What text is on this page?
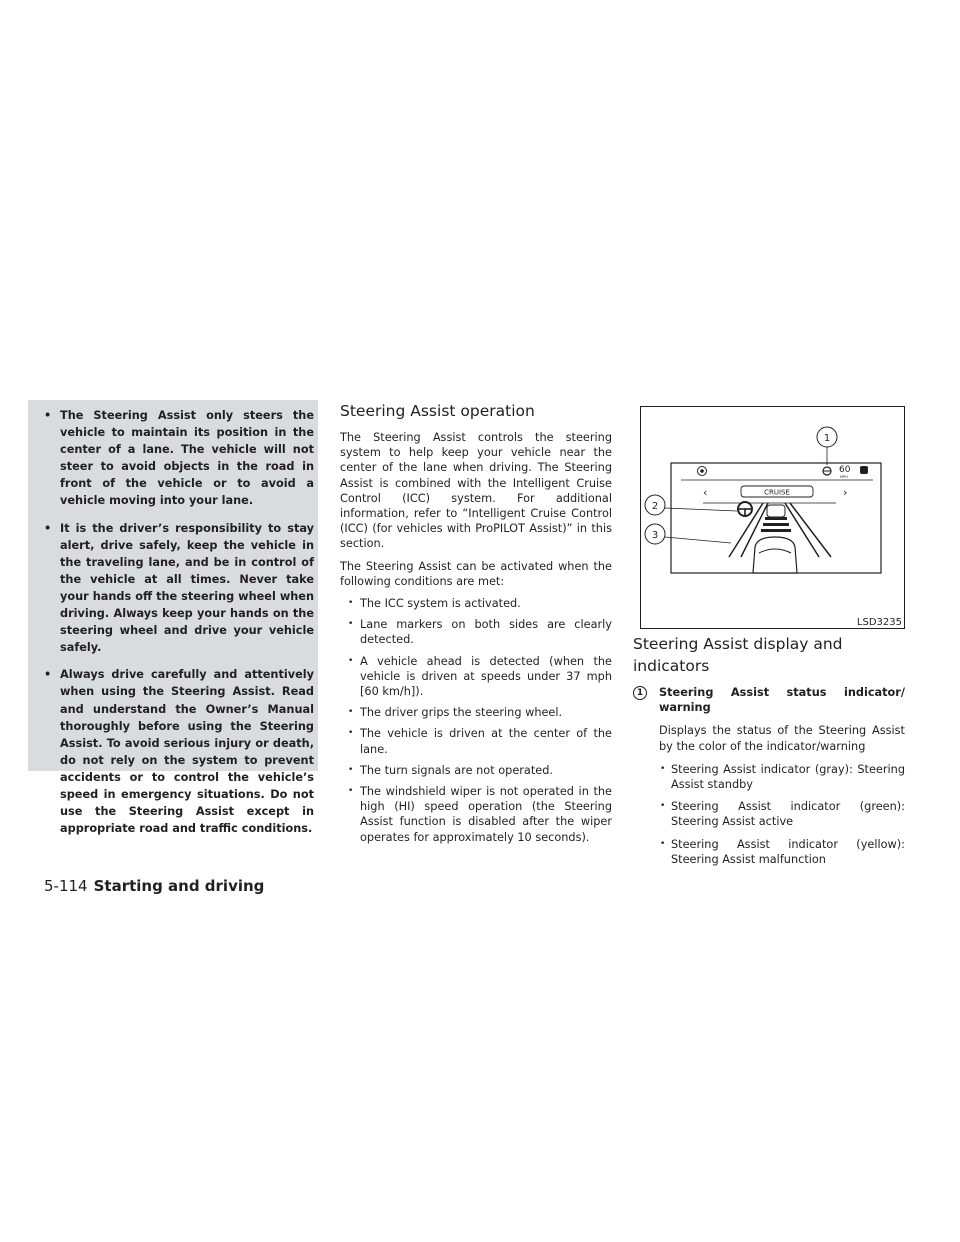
• The Steering Assist only steers the vehicle to maintain its position in the center of a lane. The vehicle will not steer to avoid objects in the road in front of the vehicle or to avoid a vehicle moving into your lane.
• It is the driver’s responsibility to stay alert, drive safely, keep the vehicle in the traveling lane, and be in control of the vehicle at all times. Never take your hands off the steering wheel when driving. Always keep your hands on the steering wheel and drive your vehicle safely.
• Always drive carefully and attentively when using the Steering Assist. Read and understand the Owner’s Manual thoroughly before using the Steering Assist. To avoid serious injury or death, do not rely on the system to prevent accidents or to control the vehicle’s speed in emergency situations. Do not use the Steering Assist except in appropriate road and traffic conditions.
Steering Assist operation

The Steering Assist controls the steering system to help keep your vehicle near the center of the lane when driving. The Steering Assist is combined with the Intelligent Cruise Control (ICC) system. For additional information, refer to “Intelligent Cruise Control (ICC) (for vehicles with ProPILOT Assist)” in this section.

The Steering Assist can be activated when the following conditions are met:

• The ICC system is activated.
• Lane markers on both sides are clearly detected.
• A vehicle ahead is detected (when the vehicle is driven at speeds under 37 mph [60 km/h]).
• The driver grips the steering wheel.
• The vehicle is driven at the center of the lane.
• The turn signals are not operated.
• The windshield wiper is not operated in the high (HI) speed operation (the Steering Assist function is disabled after the wiper operates for approximately 10 seconds).
60
MPH
‹	CRUISE	›
1
2
3
LSD3235
Steering Assist display and indicators
1	Steering Assist status indicator/ warning

Displays the status of the Steering Assist by the color of the indicator/warning

• Steering Assist indicator (gray): Steering Assist standby
• Steering Assist indicator (green): Steering Assist active
• Steering Assist indicator (yellow): Steering Assist malfunction
5-114 Starting and driving
